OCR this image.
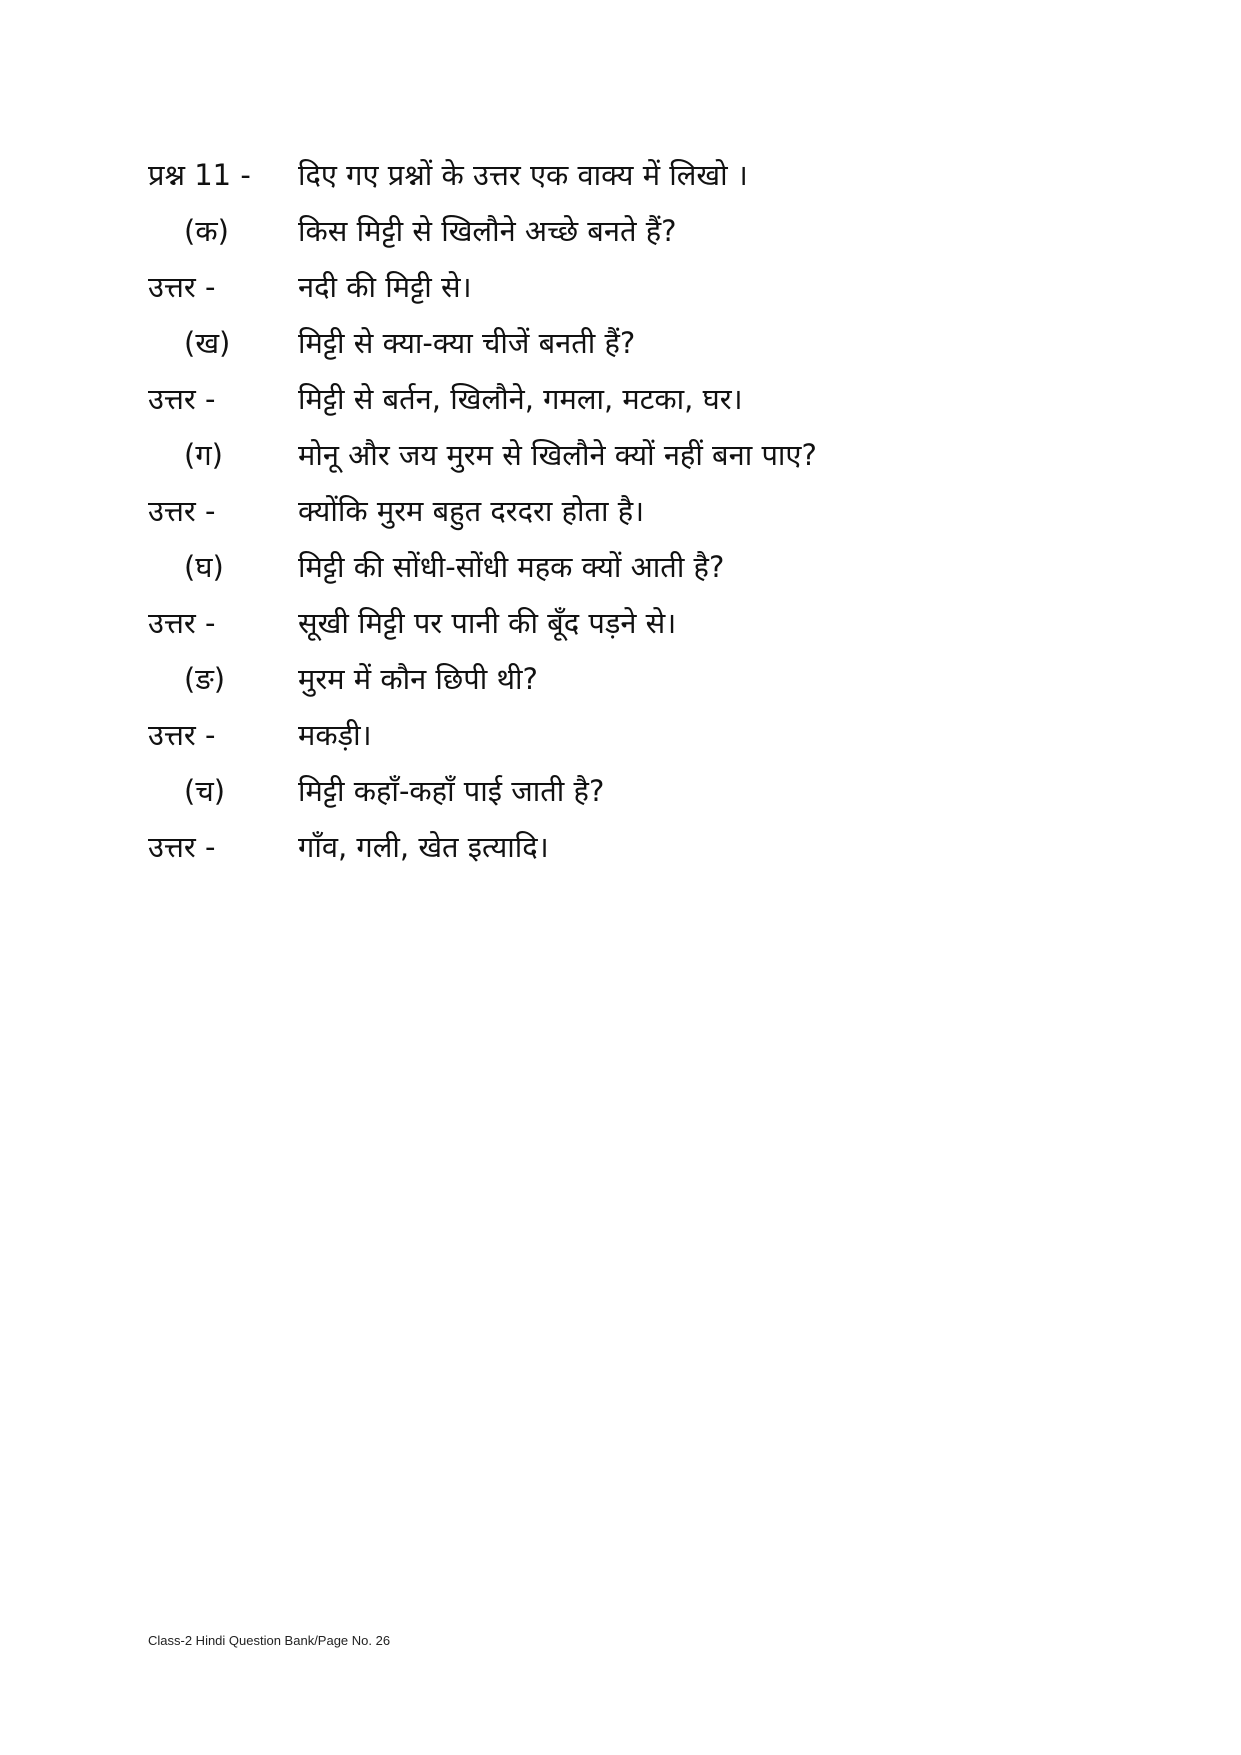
प्रश्न 11 - दिए गए प्रश्नों के उत्तर एक वाक्य में लिखो ।
(क) किस मिट्टी से खिलौने अच्छे बनते हैं?
उत्तर -	नदी की मिट्टी से।
(ख) मिट्टी से क्या-क्या चीजें बनती हैं?
उत्तर -	मिट्टी से बर्तन, खिलौने, गमला, मटका, घर।
(ग)	मोनू और जय मुरम से खिलौने क्यों नहीं बना पाए?
उत्तर -	क्योंकि मुरम बहुत दरदरा होता है।
(घ)	मिट्टी की सोंधी-सोंधी महक क्यों आती है?
उत्तर -	सूखी मिट्टी पर पानी की बूँद पड़ने से।
(ङ)	मुरम में कौन छिपी थी?
उत्तर -	मकड़ी।
(च)	मिट्टी कहाँ-कहाँ पाई जाती है?
उत्तर -	गाँव, गली, खेत इत्यादि।
Class-2 Hindi Question Bank/Page No. 26
